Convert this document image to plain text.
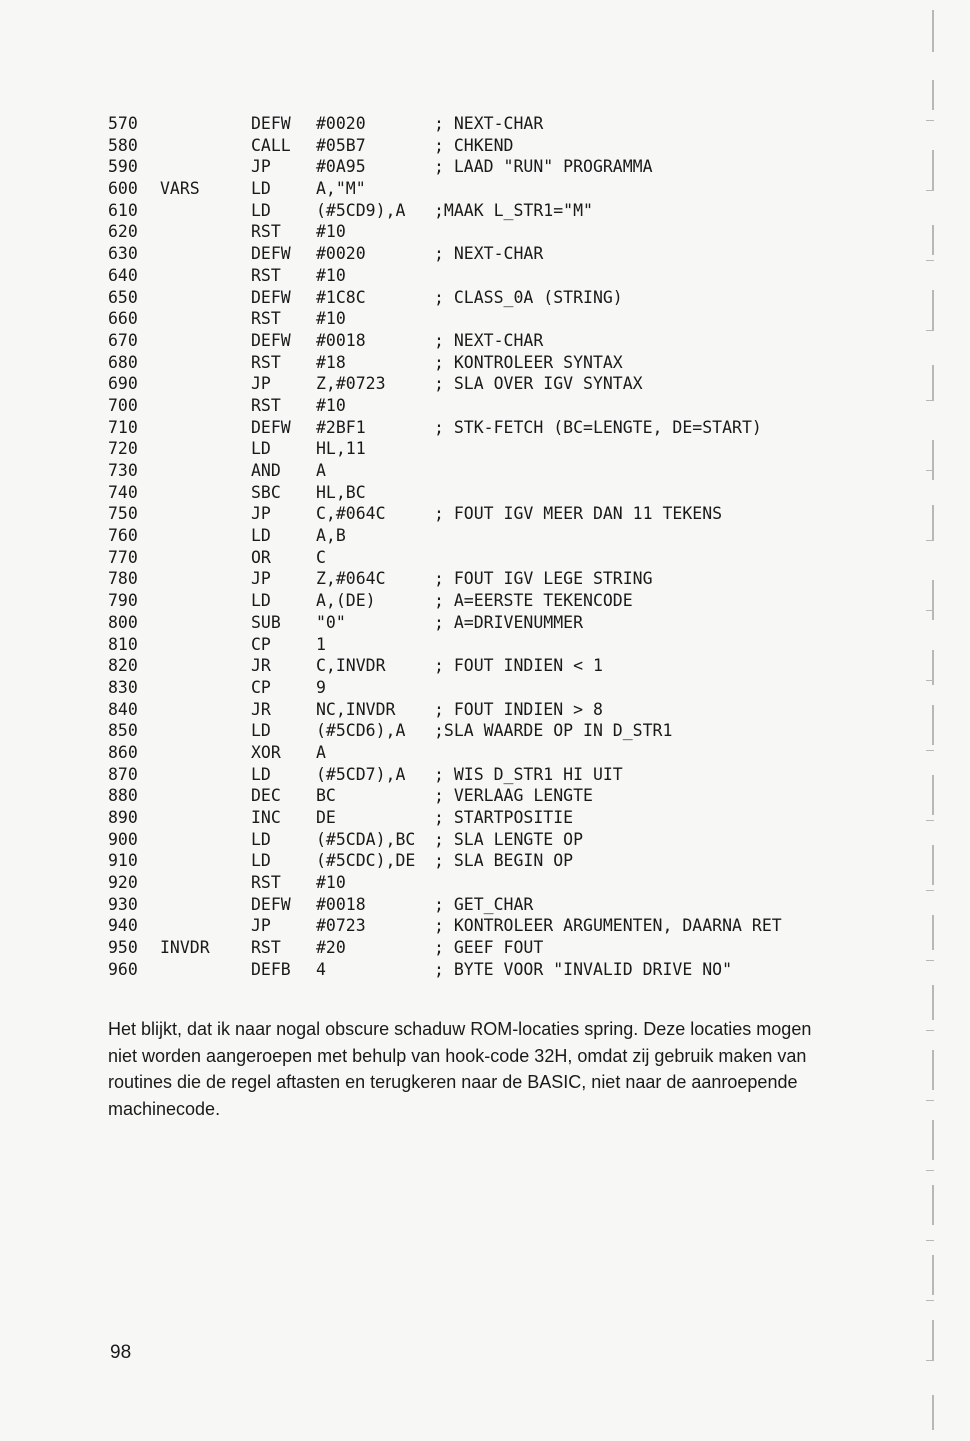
570	DEFW #0020	; NEXT-CHAR
580	CALL #05B7	; CHKEND
590	JP	#0A95	; LAAD "RUN" PROGRAMMA
600 VARS	LD	A,"M"
610	LD	(#5CD9),A ;MAAK L_STR1="M"
620	RST #10
630	DEFW #0020	; NEXT-CHAR
640	RST #10
650	DEFW #1C8C	; CLASS_0A (STRING)
660	RST #10
670	DEFW #0018	; NEXT-CHAR
680	RST #18	; KONTROLEER SYNTAX
690	JP	Z,#0723	; SLA OVER IGV SYNTAX
700	RST #10
710	DEFW #2BF1	; STK-FETCH (BC=LENGTE, DE=START)
720	LD	HL,11
730	AND A
740	SBC HL,BC
750	JP	C,#064C	; FOUT IGV MEER DAN 11 TEKENS
760	LD	A,B
770	OR	C
780	JP	Z,#064C	; FOUT IGV LEGE STRING
790	LD	A,(DE)	; A=EERSTE TEKENCODE
800	SUB "0"	; A=DRIVENUMMER
810	CP	1
820	JR	C,INVDR	; FOUT INDIEN < 1
830	CP	9
840	JR	NC,INVDR ; FOUT INDIEN > 8
850	LD	(#5CD6),A ;SLA WAARDE OP IN D_STR1
860	XOR A
870	LD	(#5CD7),A ; WIS D_STR1 HI UIT
880	DEC BC	; VERLAAG LENGTE
890	INC DE	; STARTPOSITIE
900	LD	(#5CDA),BC ; SLA LENGTE OP
910	LD	(#5CDC),DE ; SLA BEGIN OP
920	RST #10
930	DEFW #0018	; GET_CHAR
940	JP	#0723	; KONTROLEER ARGUMENTEN, DAARNA RET
950 INVDR	RST #20	; GEEF FOUT
960	DEFB 4	; BYTE VOOR "INVALID DRIVE NO"

Het blijkt, dat ik naar nogal obscure schaduw ROM-locaties spring. Deze locaties mogen niet worden aangeroepen met behulp van hook-code 32H, omdat zij gebruik maken van routines die de regel aftasten en terugkeren naar de BASIC, niet naar de aanroepende machinecode.

98
